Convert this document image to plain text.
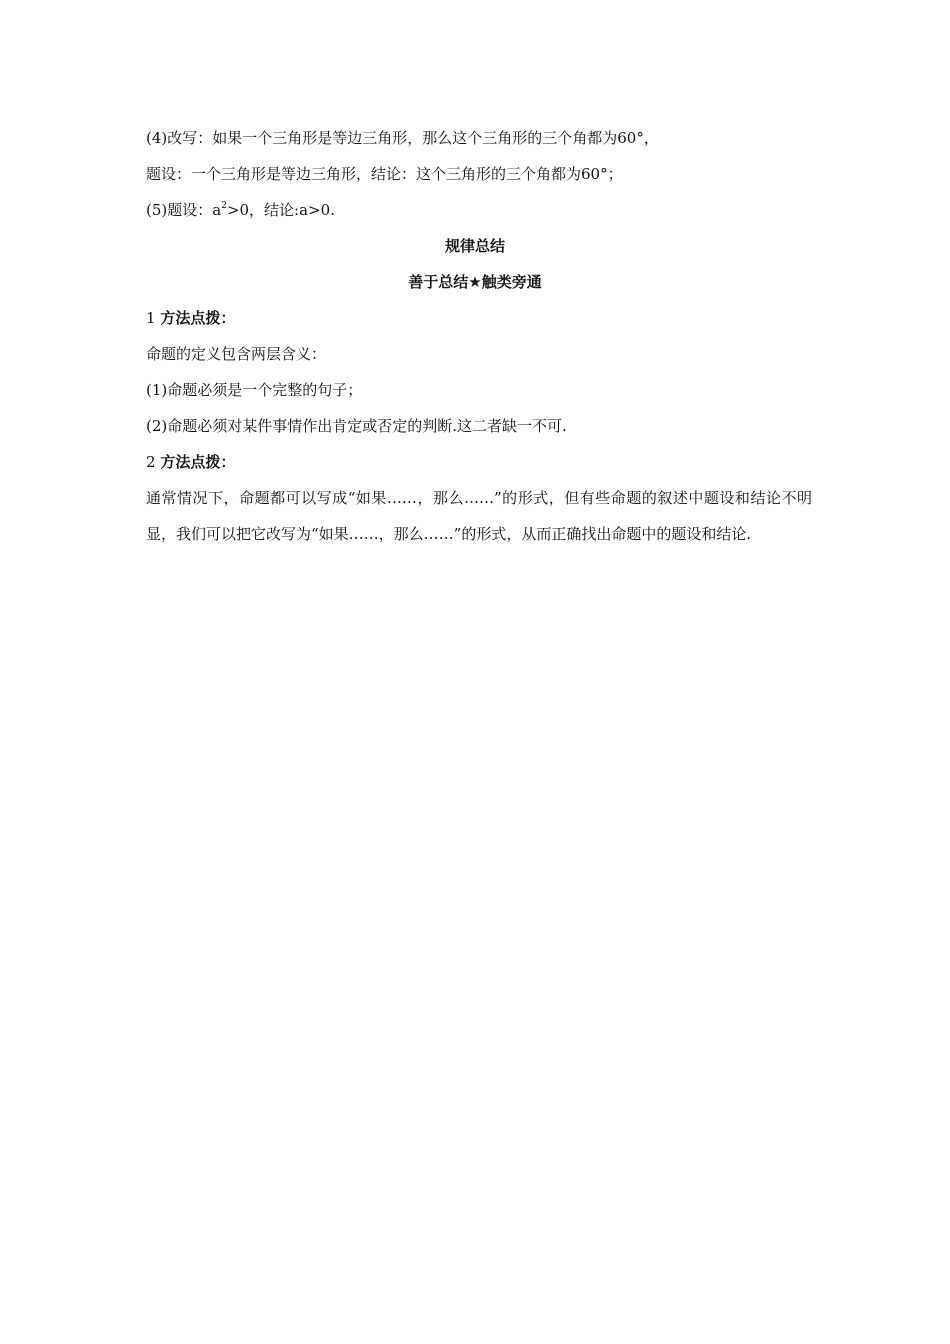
(4)改写：如果一个三角形是等边三角形，那么这个三角形的三个角都为60°，
题设：一个三角形是等边三角形，结论：这个三角形的三个角都为60°；
(5)题设：$a^2>0$，结论:a>0.
规律总结
善于总结★触类旁通
1 方法点拨：
命题的定义包含两层含义：
(1)命题必须是一个完整的句子；
(2)命题必须对某件事情作出肯定或否定的判断.这二者缺一不可.
2 方法点拨：
通常情况下，命题都可以写成“如果……，那么……”的形式，但有些命题的叙述中题设和结论不明显，我们可以把它改写为“如果……，那么……”的形式，从而正确找出命题中的题设和结论.
